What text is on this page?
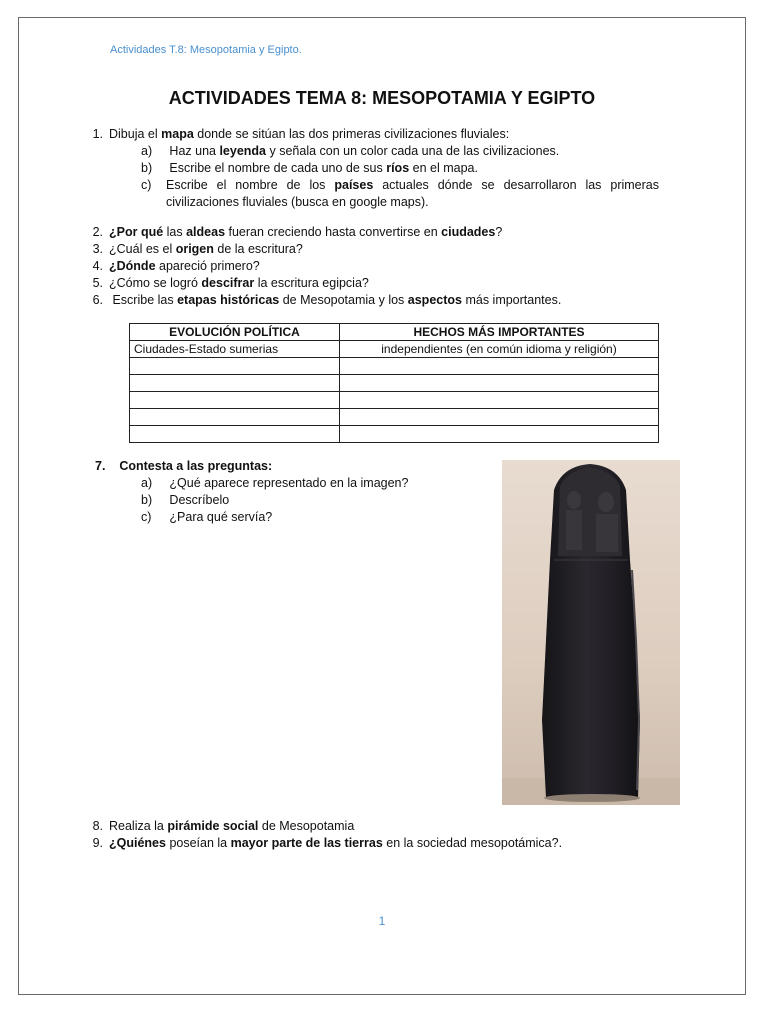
Actividades T.8: Mesopotamia y Egipto.
ACTIVIDADES TEMA 8: MESOPOTAMIA Y EGIPTO
1. Dibuja el mapa donde se sitúan las dos primeras civilizaciones fluviales:
a) Haz una leyenda y señala con un color cada una de las civilizaciones.
b) Escribe el nombre de cada uno de sus ríos en el mapa.
c)	Escribe el nombre de los países actuales dónde se desarrollaron las primeras civilizaciones fluviales (busca en google maps).
2. ¿Por qué las aldeas fueran creciendo hasta convertirse en ciudades?
3. ¿Cuál es el origen de la escritura?
4. ¿Dónde apareció primero?
5. ¿Cómo se logró descifrar la escritura egipcia?
6. Escribe las etapas históricas de Mesopotamia y los aspectos más importantes.
EVOLUCIÓN POLÍTICA	HECHOS MÁS IMPORTANTES
Ciudades-Estado sumerias	independientes (en común idioma y religión)

7. Contesta a las preguntas:
a) ¿Qué aparece representado en la imagen?
b) Descríbelo
c) ¿Para qué servía?
8. Realiza la pirámide social de Mesopotamia
9. ¿Quiénes poseían la mayor parte de las tierras en la sociedad mesopotámica?.
1
